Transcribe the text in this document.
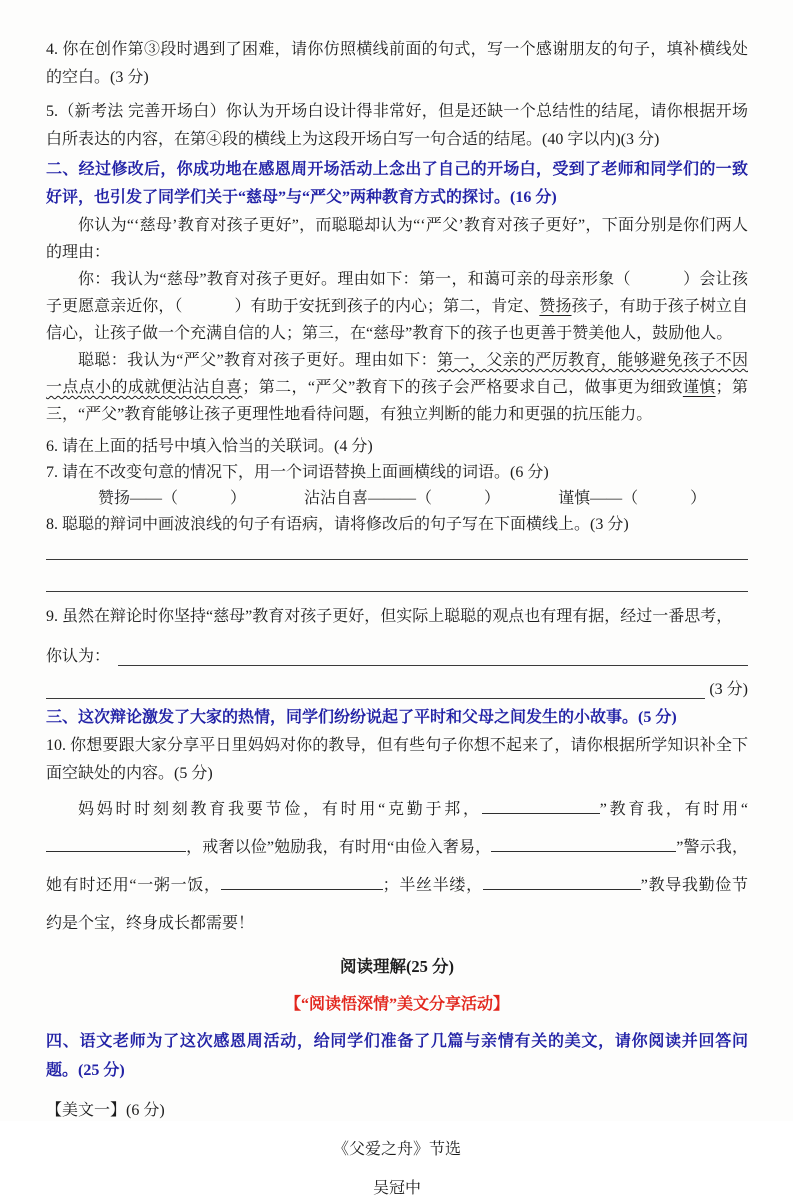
4. 你在创作第③段时遇到了困难，请你仿照横线前面的句式，写一个感谢朋友的句子，填补横线处的空白。(3 分)

5.（新考法 完善开场白）你认为开场白设计得非常好，但是还缺一个总结性的结尾，请你根据开场白所表达的内容，在第④段的横线上为这段开场白写一句合适的结尾。(40 字以内)(3 分)

二、经过修改后，你成功地在感恩周开场活动上念出了自己的开场白，受到了老师和同学们的一致好评，也引发了同学们关于“慈母”与“严父”两种教育方式的探讨。(16 分)

你认为“‘慈母’教育对孩子更好”，而聪聪却认为“‘严父’教育对孩子更好”，下面分别是你们两人的理由：

你：我认为“慈母”教育对孩子更好。理由如下：第一，和蔼可亲的母亲形象（	）会让孩子更愿意亲近你，（	）有助于安抚到孩子的内心；第二，肯定、赞扬孩子，有助于孩子树立自信心，让孩子做一个充满自信的人；第三，在“慈母”教育下的孩子也更善于赞美他人，鼓励他人。

聪聪：我认为“严父”教育对孩子更好。理由如下：第一，父亲的严厉教育，能够避免孩子不因一点点小的成就便沾沾自喜；第二，“严父”教育下的孩子会严格要求自己，做事更为细致谨慎；第三，“严父”教育能够让孩子更理性地看待问题，有独立判断的能力和更强的抗压能力。

6. 请在上面的括号中填入恰当的关联词。(4 分)

7. 请在不改变句意的情况下，用一个词语替换上面画横线的词语。(6 分)

赞扬——（	）	沾沾自喜———（	）	谨慎——（	）

8. 聪聪的辩词中画波浪线的句子有语病，请将修改后的句子写在下面横线上。(3 分)

9. 虽然在辩论时你坚持“慈母”教育对孩子更好，但实际上聪聪的观点也有理有据，经过一番思考，

你认为：
(3 分)

三、这次辩论激发了大家的热情，同学们纷纷说起了平时和父母之间发生的小故事。(5 分)

10. 你想要跟大家分享平日里妈妈对你的教导，但有些句子你想不起来了，请你根据所学知识补全下面空缺处的内容。(5 分)

妈妈时时刻刻教育我要节俭，有时用“克勤于邦，	”教育我，有时用“，戒奢以俭”勉励我，有时用“由俭入奢易，	”警示我，她有时还用“一粥一饭，	；半丝半缕，	”教导我勤俭节约是个宝，终身成长都需要！

阅读理解(25 分)

【“阅读悟深情”美文分享活动】

四、语文老师为了这次感恩周活动，给同学们准备了几篇与亲情有关的美文，请你阅读并回答问题。(25 分)

【美文一】(6 分)

《父爱之舟》节选

吴冠中
